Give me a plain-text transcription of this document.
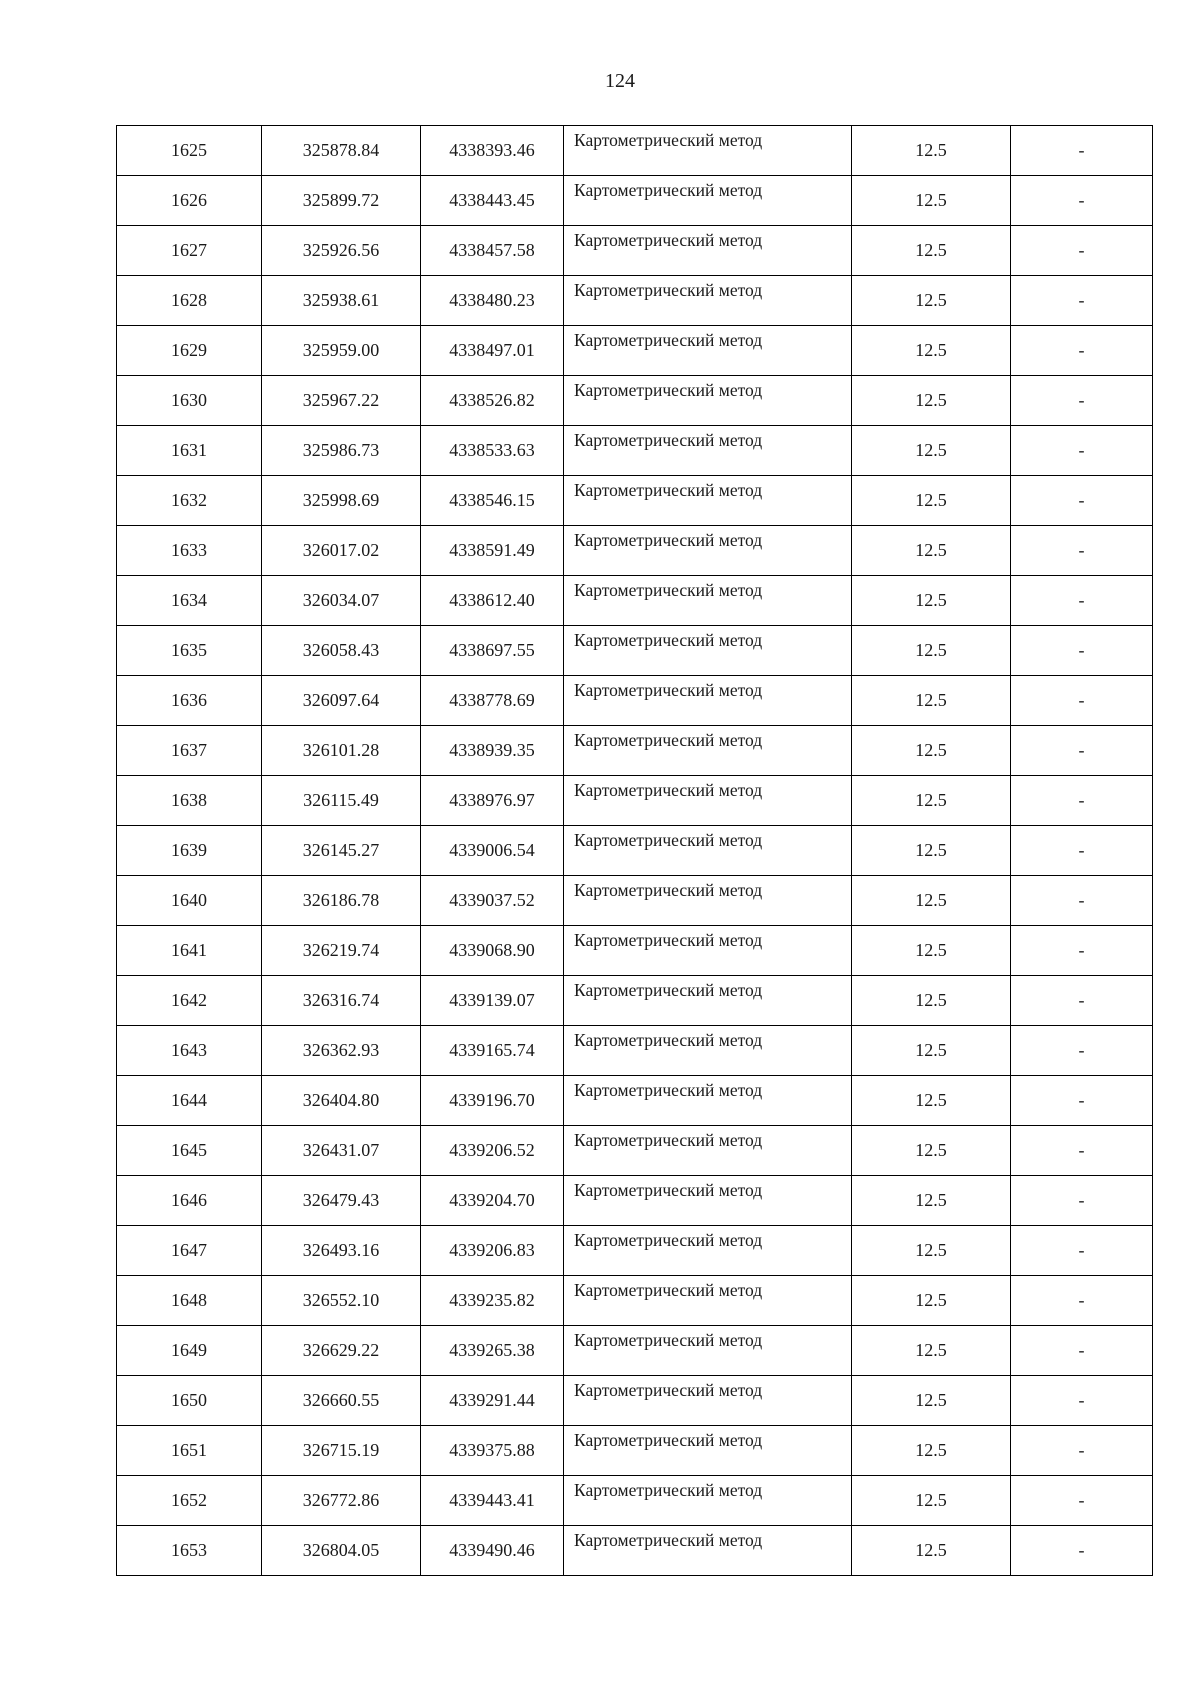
124
1625	325878.84	4338393.46	Картометрический метод	12.5	-
1626	325899.72	4338443.45	Картометрический метод	12.5	-
1627	325926.56	4338457.58	Картометрический метод	12.5	-
1628	325938.61	4338480.23	Картометрический метод	12.5	-
1629	325959.00	4338497.01	Картометрический метод	12.5	-
1630	325967.22	4338526.82	Картометрический метод	12.5	-
1631	325986.73	4338533.63	Картометрический метод	12.5	-
1632	325998.69	4338546.15	Картометрический метод	12.5	-
1633	326017.02	4338591.49	Картометрический метод	12.5	-
1634	326034.07	4338612.40	Картометрический метод	12.5	-
1635	326058.43	4338697.55	Картометрический метод	12.5	-
1636	326097.64	4338778.69	Картометрический метод	12.5	-
1637	326101.28	4338939.35	Картометрический метод	12.5	-
1638	326115.49	4338976.97	Картометрический метод	12.5	-
1639	326145.27	4339006.54	Картометрический метод	12.5	-
1640	326186.78	4339037.52	Картометрический метод	12.5	-
1641	326219.74	4339068.90	Картометрический метод	12.5	-
1642	326316.74	4339139.07	Картометрический метод	12.5	-
1643	326362.93	4339165.74	Картометрический метод	12.5	-
1644	326404.80	4339196.70	Картометрический метод	12.5	-
1645	326431.07	4339206.52	Картометрический метод	12.5	-
1646	326479.43	4339204.70	Картометрический метод	12.5	-
1647	326493.16	4339206.83	Картометрический метод	12.5	-
1648	326552.10	4339235.82	Картометрический метод	12.5	-
1649	326629.22	4339265.38	Картометрический метод	12.5	-
1650	326660.55	4339291.44	Картометрический метод	12.5	-
1651	326715.19	4339375.88	Картометрический метод	12.5	-
1652	326772.86	4339443.41	Картометрический метод	12.5	-
1653	326804.05	4339490.46	Картометрический метод	12.5	-
